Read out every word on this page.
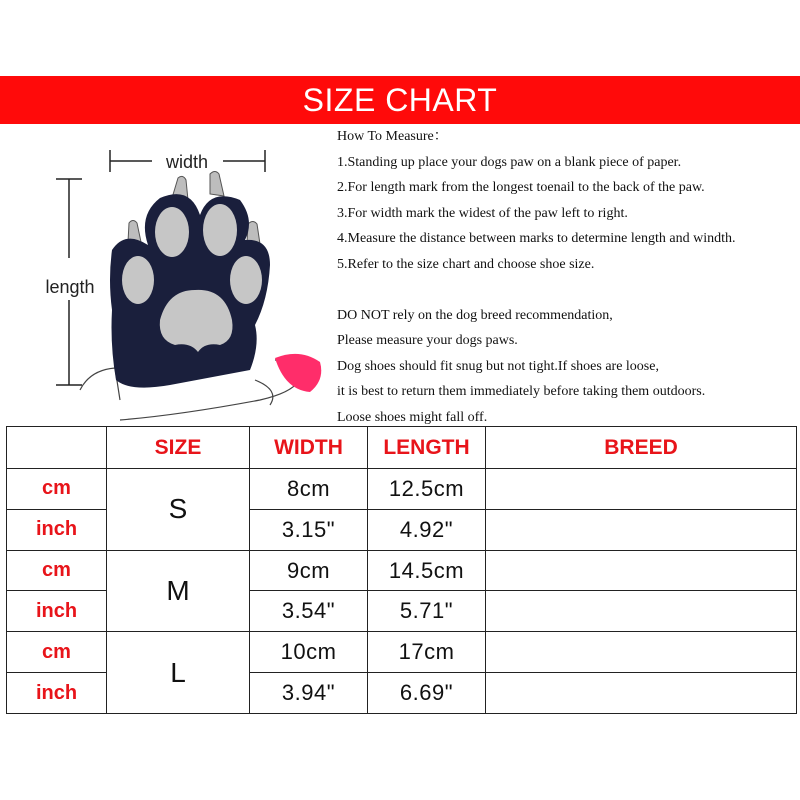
SIZE CHART
width
length
How To Measure：
1.Standing up place your dogs paw on a blank piece of paper.
2.For length mark from the longest toenail to the back of the paw.
3.For width mark the widest of the paw left to right.
4.Measure the distance between marks to determine length and windth.
5.Refer to the size chart and choose shoe size.
DO NOT rely on the dog breed recommendation,
Please measure your dogs paws.
Dog shoes should fit snug but not tight.If shoes are loose,
it is best to return them immediately before taking them outdoors.
Loose shoes might fall off.
	SIZE	WIDTH	LENGTH	BREED
cm	S	8cm	12.5cm	
inch		3.15"	4.92"	
cm	M	9cm	14.5cm	
inch		3.54"	5.71"	
cm	L	10cm	17cm	
inch		3.94"	6.69"	
